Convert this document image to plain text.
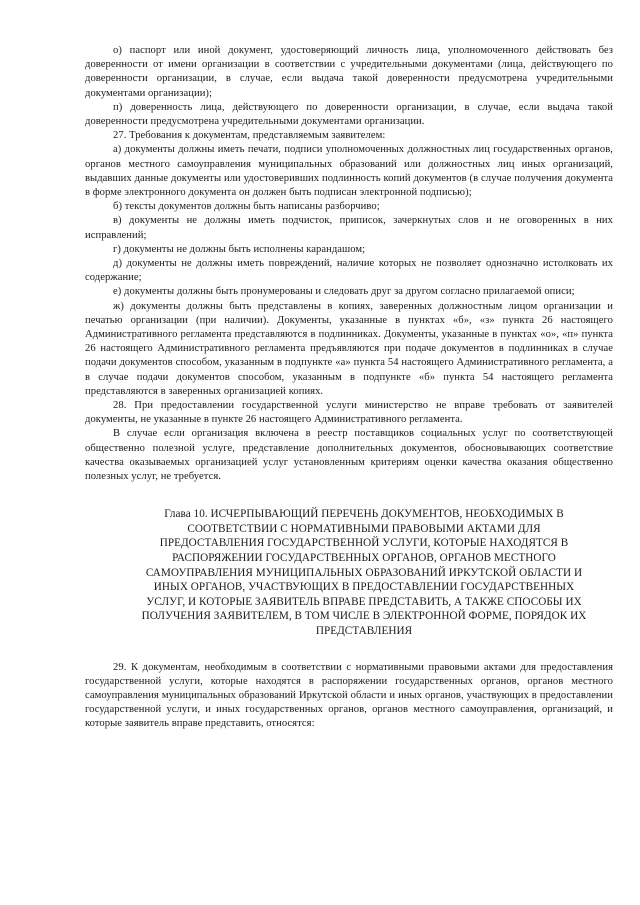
о) паспорт или иной документ, удостоверяющий личность лица, уполномоченного действовать без доверенности от имени организации в соответствии с учредительными документами (лица, действующего по доверенности организации, в случае, если выдача такой доверенности предусмотрена учредительными документами организации);

п) доверенность лица, действующего по доверенности организации, в случае, если выдача такой доверенности предусмотрена учредительными документами организации.

27. Требования к документам, представляемым заявителем:

а) документы должны иметь печати, подписи уполномоченных должностных лиц государственных органов, органов местного самоуправления муниципальных образований или должностных лиц иных организаций, выдавших данные документы или удостоверивших подлинность копий документов (в случае получения документа в форме электронного документа он должен быть подписан электронной подписью);

б) тексты документов должны быть написаны разборчиво;

в) документы не должны иметь подчисток, приписок, зачеркнутых слов и не оговоренных в них исправлений;

г) документы не должны быть исполнены карандашом;

д) документы не должны иметь повреждений, наличие которых не позволяет однозначно истолковать их содержание;

е) документы должны быть пронумерованы и следовать друг за другом согласно прилагаемой описи;

ж) документы должны быть представлены в копиях, заверенных должностным лицом организации и печатью организации (при наличии). Документы, указанные в пунктах «б», «з» пункта 26 настоящего Административного регламента представляются в подлинниках. Документы, указанные в пунктах «о», «п» пункта 26 настоящего Административного регламента предъявляются при подаче документов в подлинниках в случае подачи документов способом, указанным в подпункте «а» пункта 54 настоящего Административного регламента, а в случае подачи документов способом, указанным в подпункте «б» пункта 54 настоящего регламента представляются в заверенных организацией копиях.

28. При предоставлении государственной услуги министерство не вправе требовать от заявителей документы, не указанные в пункте 26 настоящего Административного регламента.

В случае если организация включена в реестр поставщиков социальных услуг по соответствующей общественно полезной услуге, представление дополнительных документов, обосновывающих соответствие качества оказываемых организацией услуг установленным критериям оценки качества оказания общественно полезных услуг, не требуется.

Глава 10. ИСЧЕРПЫВАЮЩИЙ ПЕРЕЧЕНЬ ДОКУМЕНТОВ, НЕОБХОДИМЫХ В СООТВЕТСТВИИ С НОРМАТИВНЫМИ ПРАВОВЫМИ АКТАМИ ДЛЯ ПРЕДОСТАВЛЕНИЯ ГОСУДАРСТВЕННОЙ УСЛУГИ, КОТОРЫЕ НАХОДЯТСЯ В РАСПОРЯЖЕНИИ ГОСУДАРСТВЕННЫХ ОРГАНОВ, ОРГАНОВ МЕСТНОГО САМОУПРАВЛЕНИЯ МУНИЦИПАЛЬНЫХ ОБРАЗОВАНИЙ ИРКУТСКОЙ ОБЛАСТИ И ИНЫХ ОРГАНОВ, УЧАСТВУЮЩИХ В ПРЕДОСТАВЛЕНИИ ГОСУДАРСТВЕННЫХ УСЛУГ, И КОТОРЫЕ ЗАЯВИТЕЛЬ ВПРАВЕ ПРЕДСТАВИТЬ, А ТАКЖЕ СПОСОБЫ ИХ ПОЛУЧЕНИЯ ЗАЯВИТЕЛЕМ, В ТОМ ЧИСЛЕ В ЭЛЕКТРОННОЙ ФОРМЕ, ПОРЯДОК ИХ ПРЕДСТАВЛЕНИЯ

29. К документам, необходимым в соответствии с нормативными правовыми актами для предоставления государственной услуги, которые находятся в распоряжении государственных органов, органов местного самоуправления муниципальных образований Иркутской области и иных органов, участвующих в предоставлении государственной услуги, и иных государственных органов, органов местного самоуправления, организаций, и которые заявитель вправе представить, относятся:
